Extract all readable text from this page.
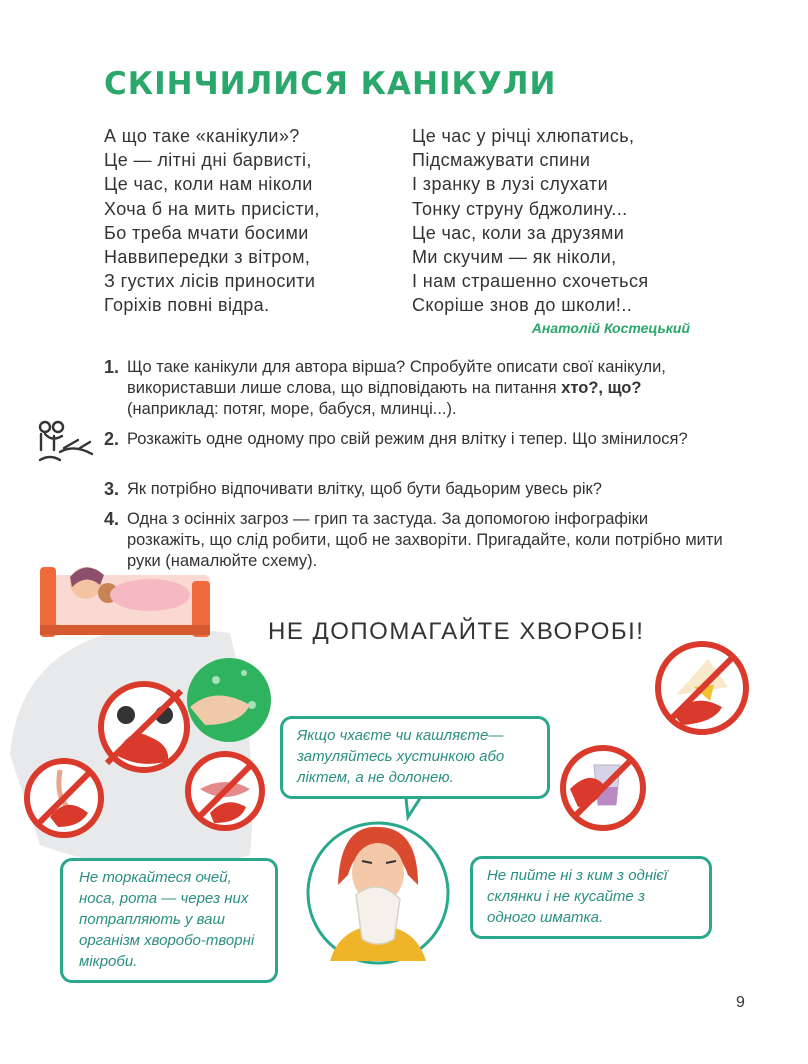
СКІНЧИЛИСЯ КАНІКУЛИ
А що таке «канікули»?
Це — літні дні барвисті,
Це час, коли нам ніколи
Хоча б на мить присісти,
Бо треба мчати босими
Наввипередки з вітром,
З густих лісів приносити
Горіхів повні відра.
Це час у річці хлюпатись,
Підсмажувати спини
І зранку в лузі слухати
Тонку струну бджолину...
Це час, коли за друзями
Ми скучим — як ніколи,
І нам страшенно схочеться
Скоріше знов до школи!..
Анатолій Костецький
1. Що таке канікули для автора вірша? Спробуйте описати свої канікули, використавши лише слова, що відповідають на питання хто?, що? (наприклад: потяг, море, бабуся, млинці...).
2. Розкажіть одне одному про свій режим дня влітку і тепер. Що змінилося?
3. Як потрібно відпочивати влітку, щоб бути бадьорим увесь рік?
4. Одна з осінніх загроз — грип та застуда. За допомогою інфографіки розкажіть, що слід робити, щоб не захворіти. Пригадайте, коли потрібно мити руки (намалюйте схему).
НЕ ДОПОМАГАЙТЕ ХВОРОБІ!
Якщо чхаєте чи кашляєте— затуляйтесь хустинкою або ліктем, а не долонею.
Не торкайтеся очей, носа, рота — через них потрапляють у ваш організм хворобо-творні мікроби.
Не пийте ні з ким з однієї склянки і не кусайте з одного шматка.
9
